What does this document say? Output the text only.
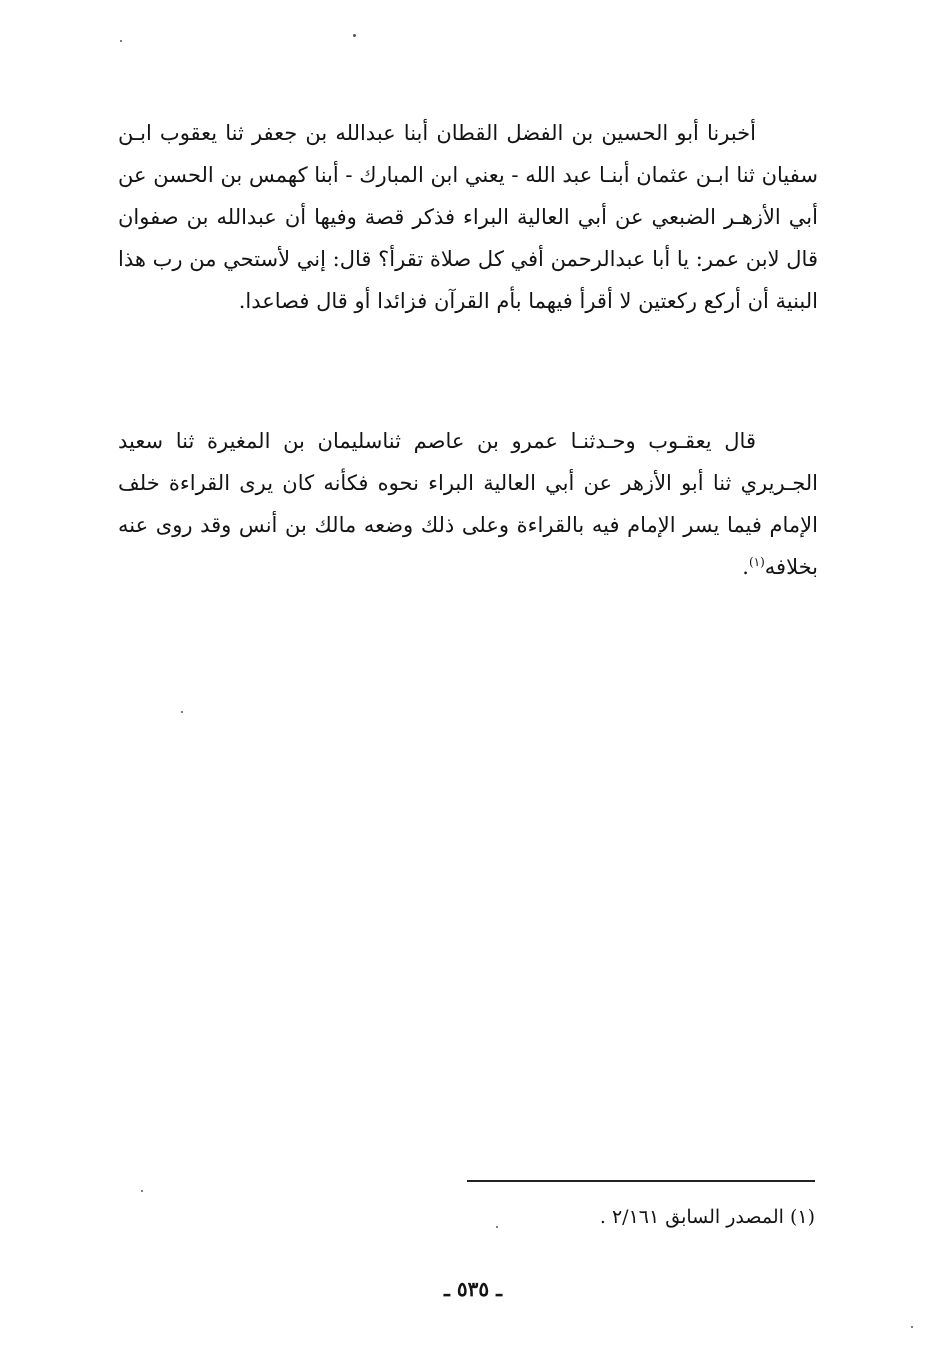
أخبرنا أبو الحسين بن الفضل القطان أبنا عبدالله بن جعفر ثنا يعقوب ابـن سفيان ثنا ابـن عثمان أبنـا عبد الله - يعني ابن المبارك - أبنا كهمس بن الحسن عن أبي الأزهـر الضبعي عن أبي العالية البراء فذكر قصة وفيها أن عبدالله بن صفوان قال لابن عمر: يا أبا عبدالرحمن أفي كل صلاة تقرأ؟ قال: إني لأستحي من رب هذا البنية أن أركع ركعتين لا أقرأ فيهما بأم القرآن فزائدا أو قال فصاعدا.

قال يعقـوب وحـدثنـا عمرو بن عاصم ثناسليمان بن المغيرة ثنا سعيد الجـريري ثنا أبو الأزهر عن أبي العالية البراء نحوه فكأنه كان يرى القراءة خلف الإمام فيما يسر الإمام فيه بالقراءة وعلى ذلك وضعه مالك بن أنس وقد روى عنه بخلافه$^{(١)}$.

(١) المصدر السابق ٢/١٦١ .
ـ ٥٣٥ ـ
